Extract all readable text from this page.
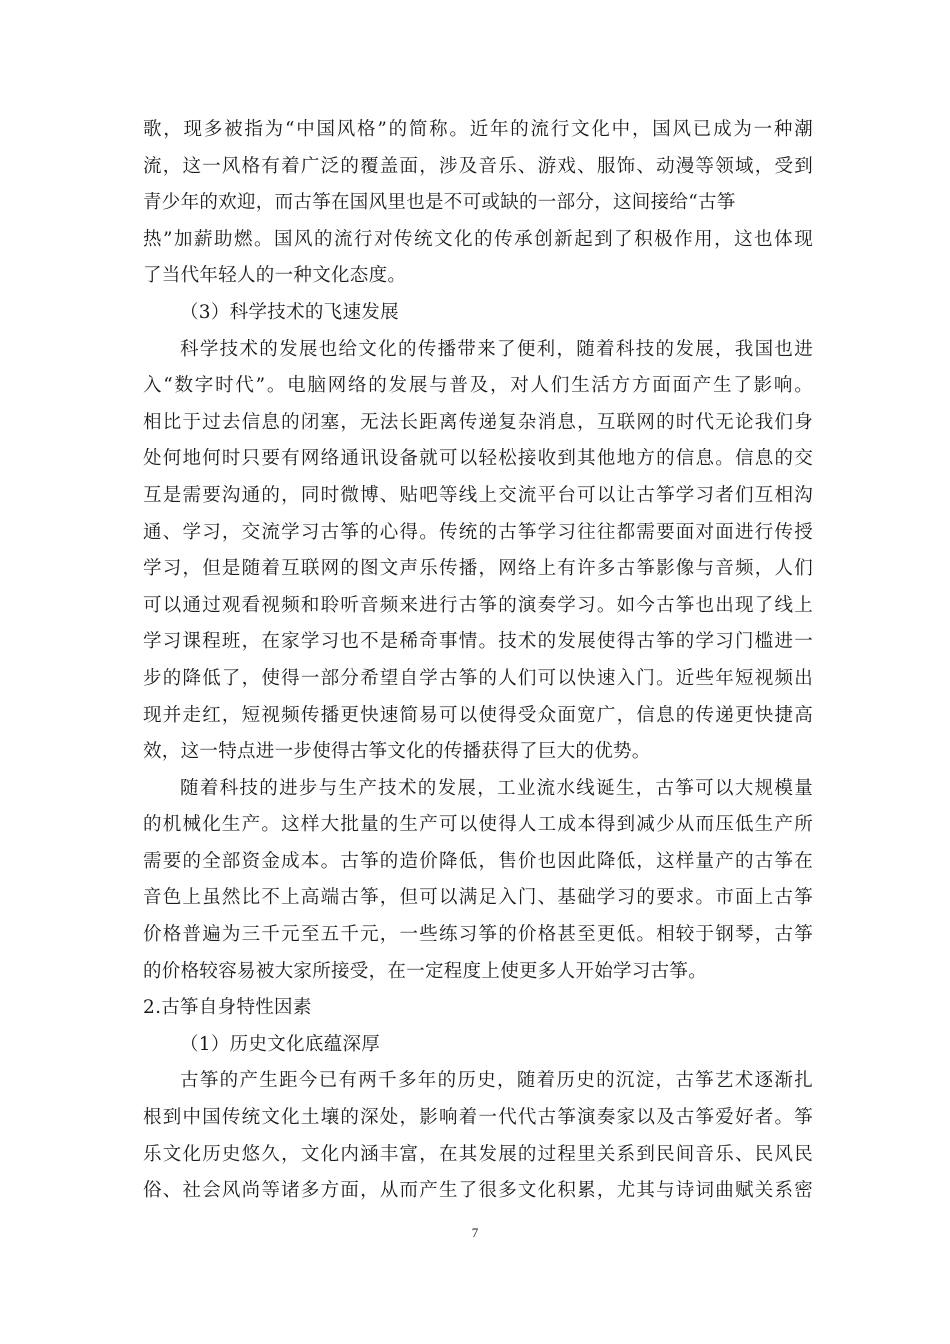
歌，现多被指为“中国风格”的简称。近年的流行文化中，国风已成为一种潮
流，这一风格有着广泛的覆盖面，涉及音乐、游戏、服饰、动漫等领域，受到
青少年的欢迎，而古筝在国风里也是不可或缺的一部分，这间接给“古筝
热”加薪助燃。国风的流行对传统文化的传承创新起到了积极作用，这也体现
了当代年轻人的一种文化态度。
（3）科学技术的飞速发展
科学技术的发展也给文化的传播带来了便利，随着科技的发展，我国也进
入“数字时代”。电脑网络的发展与普及，对人们生活方方面面产生了影响。
相比于过去信息的闭塞，无法长距离传递复杂消息，互联网的时代无论我们身
处何地何时只要有网络通讯设备就可以轻松接收到其他地方的信息。信息的交
互是需要沟通的，同时微博、贴吧等线上交流平台可以让古筝学习者们互相沟
通、学习，交流学习古筝的心得。传统的古筝学习往往都需要面对面进行传授
学习，但是随着互联网的图文声乐传播，网络上有许多古筝影像与音频，人们
可以通过观看视频和聆听音频来进行古筝的演奏学习。如今古筝也出现了线上
学习课程班，在家学习也不是稀奇事情。技术的发展使得古筝的学习门槛进一
步的降低了，使得一部分希望自学古筝的人们可以快速入门。近些年短视频出
现并走红，短视频传播更快速简易可以使得受众面宽广，信息的传递更快捷高
效，这一特点进一步使得古筝文化的传播获得了巨大的优势。
随着科技的进步与生产技术的发展，工业流水线诞生，古筝可以大规模量
的机械化生产。这样大批量的生产可以使得人工成本得到减少从而压低生产所
需要的全部资金成本。古筝的造价降低，售价也因此降低，这样量产的古筝在
音色上虽然比不上高端古筝，但可以满足入门、基础学习的要求。市面上古筝
价格普遍为三千元至五千元，一些练习筝的价格甚至更低。相较于钢琴，古筝
的价格较容易被大家所接受，在一定程度上使更多人开始学习古筝。
2.古筝自身特性因素
（1）历史文化底蕴深厚
古筝的产生距今已有两千多年的历史，随着历史的沉淀，古筝艺术逐渐扎
根到中国传统文化土壤的深处，影响着一代代古筝演奏家以及古筝爱好者。筝
乐文化历史悠久，文化内涵丰富，在其发展的过程里关系到民间音乐、民风民
俗、社会风尚等诸多方面，从而产生了很多文化积累，尤其与诗词曲赋关系密
7
